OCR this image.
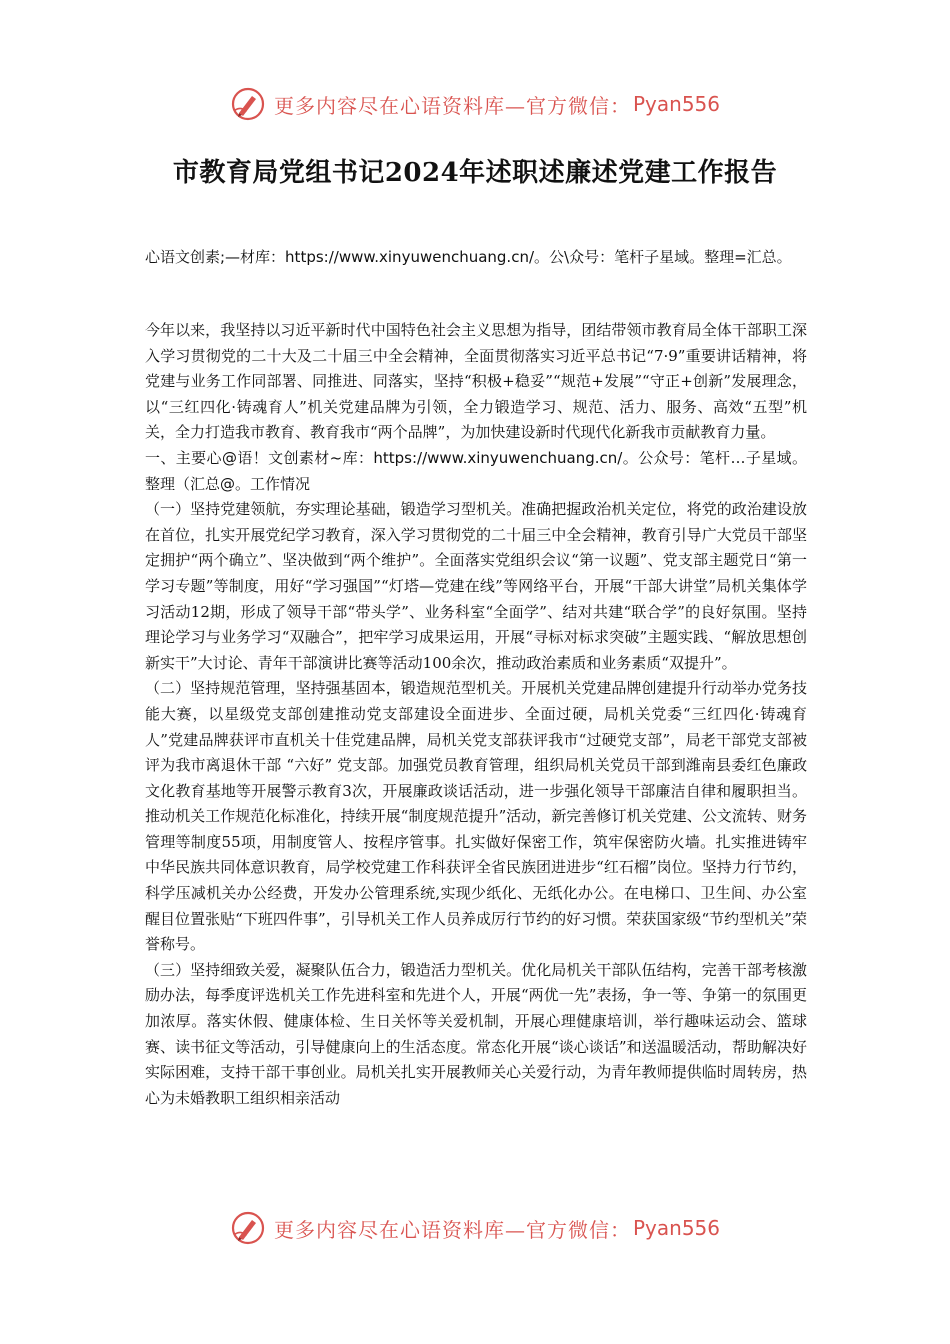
更多内容尽在心语资料库—官方微信： Pyan556
市教育局党组书记2024年述职述廉述党建工作报告
心语文创素;—材库：https://www.xinyuwenchuang.cn/。公\众号：笔杆子星域。整理=汇总。

今年以来，我坚持以习近平新时代中国特色社会主义思想为指导，团结带领市教育局全体干部职工深入学习贯彻党的二十大及二十届三中全会精神，全面贯彻落实习近平总书记“7·9”重要讲话精神，将党建与业务工作同部署、同推进、同落实，坚持“积极+稳妥”“规范+发展”“守正+创新”发展理念，以“三红四化·铸魂育人”机关党建品牌为引领，全力锻造学习、规范、活力、服务、高效“五型”机关，全力打造我市教育、教育我市“两个品牌”，为加快建设新时代现代化新我市贡献教育力量。

一、主要心@语！文创素材~库：https://www.xinyuwenchuang.cn/。公众号：笔杆…子星域。整理（汇总@。工作情况

（一）坚持党建领航，夯实理论基础，锻造学习型机关。准确把握政治机关定位，将党的政治建设放在首位，扎实开展党纪学习教育，深入学习贯彻党的二十届三中全会精神，教育引导广大党员干部坚定拥护“两个确立”、坚决做到“两个维护”。全面落实党组织会议“第一议题”、党支部主题党日“第一学习专题”等制度，用好“学习强国”“灯塔—党建在线”等网络平台，开展“干部大讲堂”局机关集体学习活动12期，形成了领导干部“带头学”、业务科室“全面学”、结对共建“联合学”的良好氛围。坚持理论学习与业务学习“双融合”，把牢学习成果运用，开展“寻标对标求突破”主题实践、“解放思想创新实干”大讨论、青年干部演讲比赛等活动100余次，推动政治素质和业务素质“双提升”。

（二）坚持规范管理，坚持强基固本，锻造规范型机关。开展机关党建品牌创建提升行动举办党务技能大赛，以星级党支部创建推动党支部建设全面进步、全面过硬，局机关党委“三红四化·铸魂育人”党建品牌获评市直机关十佳党建品牌，局机关党支部获评我市“过硬党支部”，局老干部党支部被评为我市离退休干部 “六好” 党支部。加强党员教育管理，组织局机关党员干部到潍南县委红色廉政文化教育基地等开展警示教育3次，开展廉政谈话活动，进一步强化领导干部廉洁自律和履职担当。推动机关工作规范化标准化，持续开展“制度规范提升”活动，新完善修订机关党建、公文流转、财务管理等制度55项，用制度管人、按程序管事。扎实做好保密工作，筑牢保密防火墙。扎实推进铸牢中华民族共同体意识教育，局学校党建工作科获评全省民族团进进步“红石榴”岗位。坚持力行节约，科学压减机关办公经费，开发办公管理系统,实现少纸化、无纸化办公。在电梯口、卫生间、办公室醒目位置张贴“下班四件事”，引导机关工作人员养成厉行节约的好习惯。荣获国家级“节约型机关”荣誉称号。

（三）坚持细致关爱，凝聚队伍合力，锻造活力型机关。优化局机关干部队伍结构，完善干部考核激励办法，每季度评选机关工作先进科室和先进个人，开展“两优一先”表扬，争一等、争第一的氛围更加浓厚。落实休假、健康体检、生日关怀等关爱机制，开展心理健康培训，举行趣味运动会、篮球赛、读书征文等活动，引导健康向上的生活态度。常态化开展“谈心谈话”和送温暖活动，帮助解决好实际困难，支持干部干事创业。局机关扎实开展教师关心关爱行动，为青年教师提供临时周转房，热心为未婚教职工组织相亲活动

更多内容尽在心语资料库—官方微信： Pyan556
